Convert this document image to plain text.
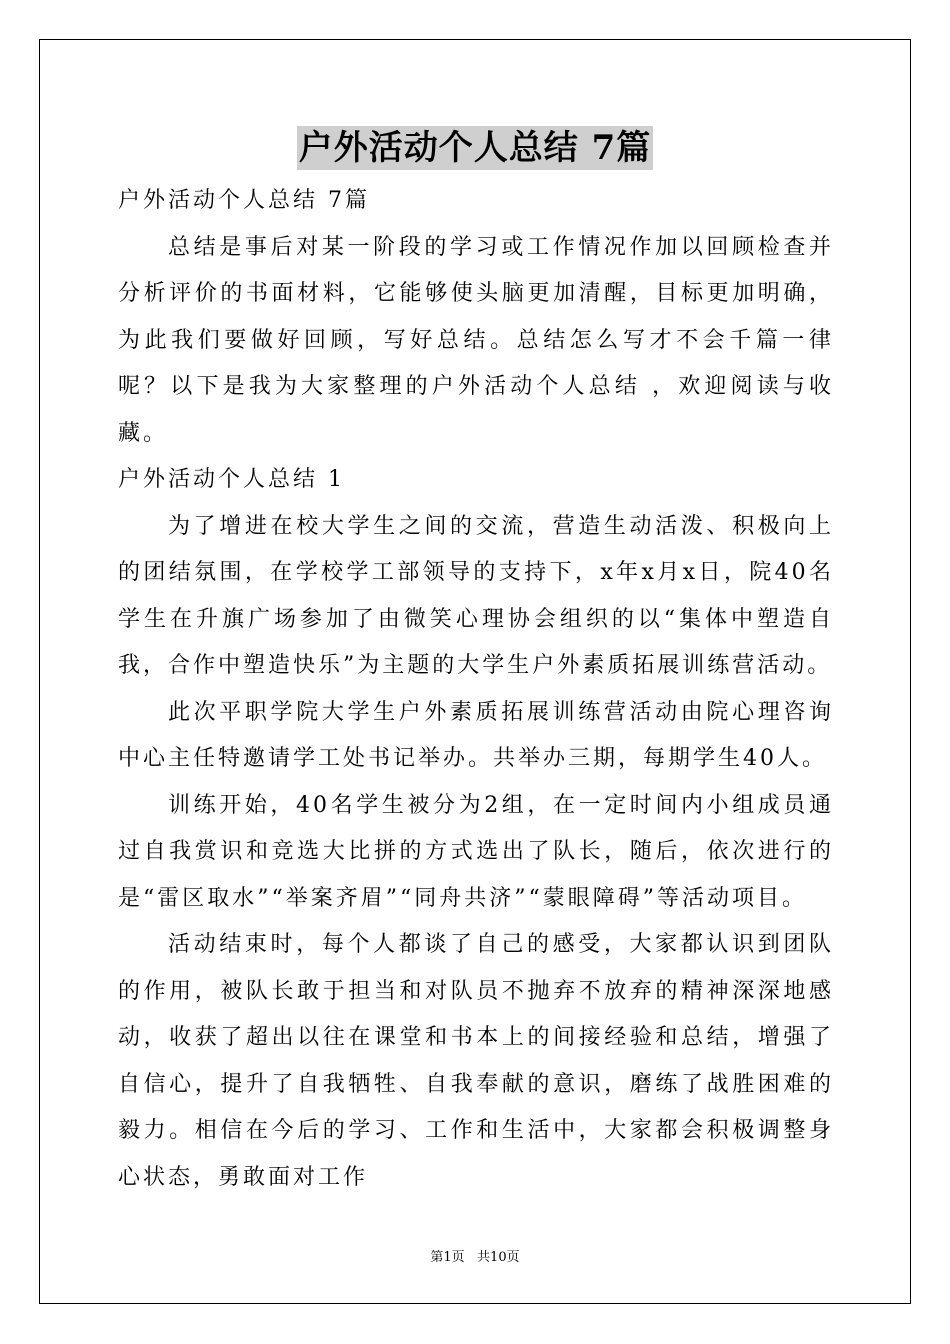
户外活动个人总结 7篇

户外活动个人总结 7篇

总结是事后对某一阶段的学习或工作情况作加以回顾检查并分析评价的书面材料，它能够使头脑更加清醒，目标更加明确，为此我们要做好回顾，写好总结。总结怎么写才不会千篇一律呢？以下是我为大家整理的户外活动个人总结 ，欢迎阅读与收藏。

户外活动个人总结 1

为了增进在校大学生之间的交流，营造生动活泼、积极向上的团结氛围，在学校学工部领导的支持下，x年x月x日，院40名学生在升旗广场参加了由微笑心理协会组织的以“集体中塑造自我，合作中塑造快乐”为主题的大学生户外素质拓展训练营活动。

此次平职学院大学生户外素质拓展训练营活动由院心理咨询中心主任特邀请学工处书记举办。共举办三期，每期学生40人。

训练开始，40名学生被分为2组，在一定时间内小组成员通过自我赏识和竞选大比拼的方式选出了队长，随后，依次进行的是“雷区取水”“举案齐眉”“同舟共济”“蒙眼障碍”等活动项目。

活动结束时，每个人都谈了自己的感受，大家都认识到团队的作用，被队长敢于担当和对队员不抛弃不放弃的精神深深地感动，收获了超出以往在课堂和书本上的间接经验和总结，增强了自信心，提升了自我牺牲、自我奉献的意识，磨练了战胜困难的毅力。相信在今后的学习、工作和生活中，大家都会积极调整身心状态，勇敢面对工作

第1页   共10页
